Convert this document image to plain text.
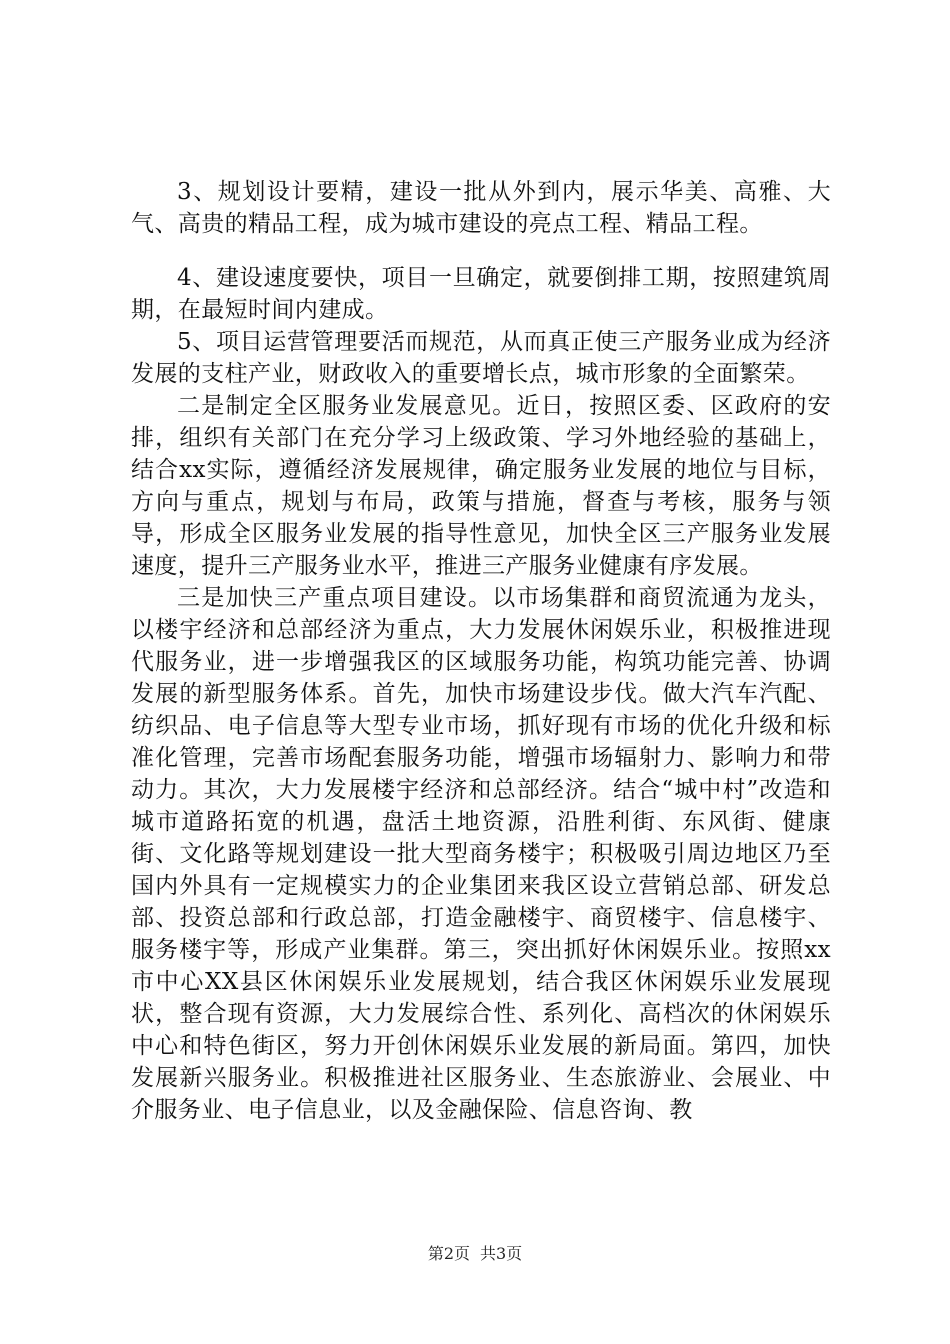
3、规划设计要精，建设一批从外到内，展示华美、高雅、大气、高贵的精品工程，成为城市建设的亮点工程、精品工程。

4、建设速度要快，项目一旦确定，就要倒排工期，按照建筑周期，在最短时间内建成。

5、项目运营管理要活而规范，从而真正使三产服务业成为经济发展的支柱产业，财政收入的重要增长点，城市形象的全面繁荣。

二是制定全区服务业发展意见。近日，按照区委、区政府的安排，组织有关部门在充分学习上级政策、学习外地经验的基础上，结合xx实际，遵循经济发展规律，确定服务业发展的地位与目标，方向与重点，规划与布局，政策与措施，督查与考核，服务与领导，形成全区服务业发展的指导性意见，加快全区三产服务业发展速度，提升三产服务业水平，推进三产服务业健康有序发展。

三是加快三产重点项目建设。以市场集群和商贸流通为龙头，以楼宇经济和总部经济为重点，大力发展休闲娱乐业，积极推进现代服务业，进一步增强我区的区域服务功能，构筑功能完善、协调发展的新型服务体系。首先，加快市场建设步伐。做大汽车汽配、纺织品、电子信息等大型专业市场，抓好现有市场的优化升级和标准化管理，完善市场配套服务功能，增强市场辐射力、影响力和带动力。其次，大力发展楼宇经济和总部经济。结合“城中村”改造和城市道路拓宽的机遇，盘活土地资源，沿胜利街、东风街、健康街、文化路等规划建设一批大型商务楼宇；积极吸引周边地区乃至国内外具有一定规模实力的企业集团来我区设立营销总部、研发总部、投资总部和行政总部，打造金融楼宇、商贸楼宇、信息楼宇、服务楼宇等，形成产业集群。第三，突出抓好休闲娱乐业。按照xx市中心XX县区休闲娱乐业发展规划，结合我区休闲娱乐业发展现状，整合现有资源，大力发展综合性、系列化、高档次的休闲娱乐中心和特色街区，努力开创休闲娱乐业发展的新局面。第四，加快发展新兴服务业。积极推进社区服务业、生态旅游业、会展业、中介服务业、电子信息业，以及金融保险、信息咨询、教

第2页 共3页
